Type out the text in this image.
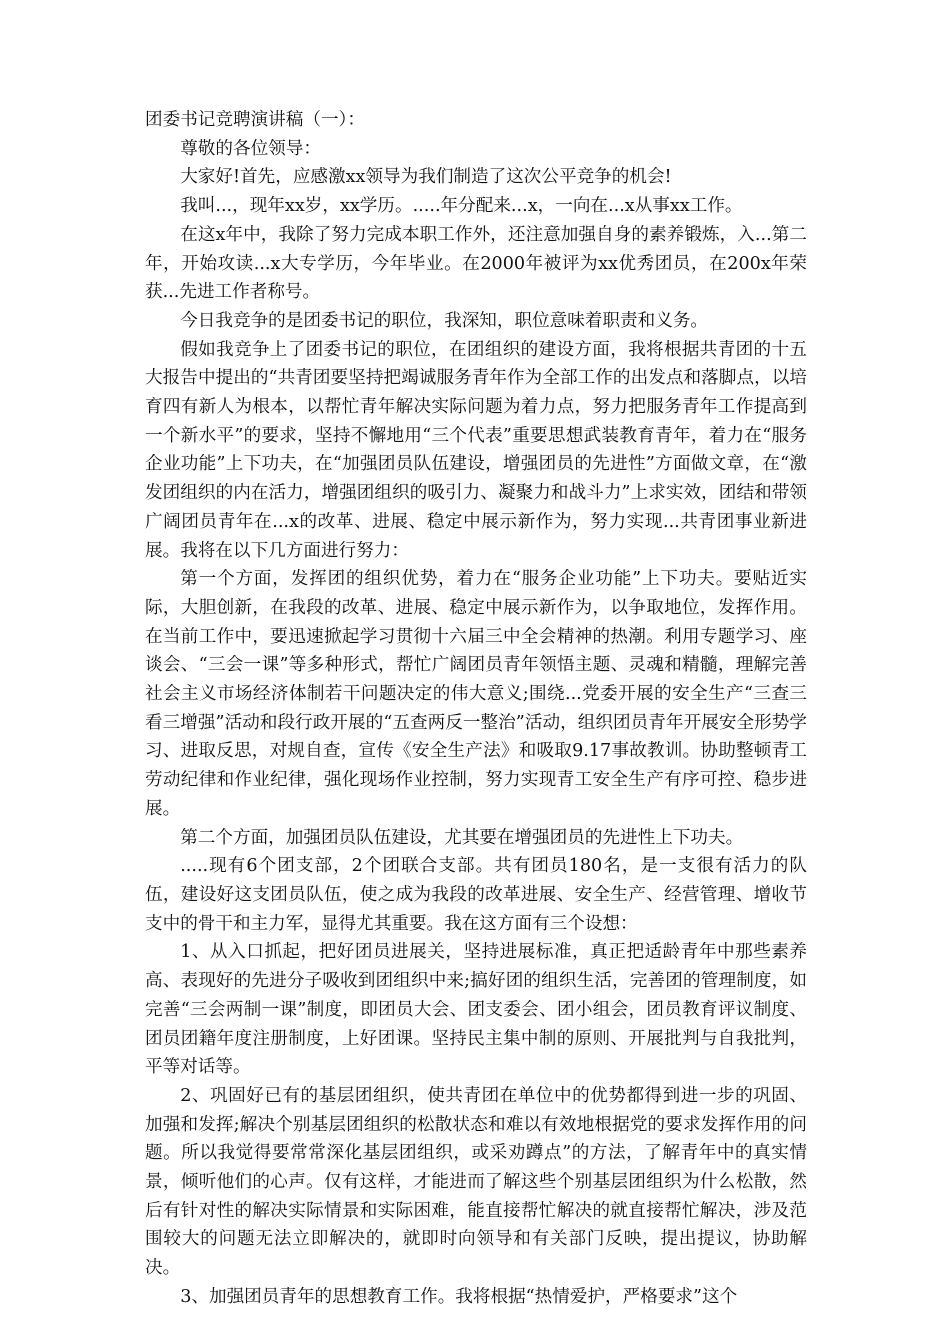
团委书记竞聘演讲稿（一）：

尊敬的各位领导：

大家好!首先，应感激xx领导为我们制造了这次公平竞争的机会!

我叫...，现年xx岁，xx学历。.....年分配来...x，一向在...x从事xx工作。

在这x年中，我除了努力完成本职工作外，还注意加强自身的素养锻炼，入...第二年，开始攻读...x大专学历，今年毕业。在2000年被评为xx优秀团员，在200x年荣获...先进工作者称号。

今日我竞争的是团委书记的职位，我深知，职位意味着职责和义务。

假如我竞争上了团委书记的职位，在团组织的建设方面，我将根据共青团的十五大报告中提出的“共青团要坚持把竭诚服务青年作为全部工作的出发点和落脚点，以培育四有新人为根本，以帮忙青年解决实际问题为着力点，努力把服务青年工作提高到一个新水平”的要求，坚持不懈地用“三个代表”重要思想武装教育青年，着力在“服务企业功能”上下功夫，在“加强团员队伍建设，增强团员的先进性”方面做文章，在“激发团组织的内在活力，增强团组织的吸引力、凝聚力和战斗力”上求实效，团结和带领广阔团员青年在...x的改革、进展、稳定中展示新作为，努力实现...共青团事业新进展。我将在以下几方面进行努力：

第一个方面，发挥团的组织优势，着力在“服务企业功能”上下功夫。要贴近实际，大胆创新，在我段的改革、进展、稳定中展示新作为，以争取地位，发挥作用。在当前工作中，要迅速掀起学习贯彻十六届三中全会精神的热潮。利用专题学习、座谈会、“三会一课”等多种形式，帮忙广阔团员青年领悟主题、灵魂和精髓，理解完善社会主义市场经济体制若干问题决定的伟大意义;围绕...党委开展的安全生产“三查三看三增强”活动和段行政开展的“五查两反一整治”活动，组织团员青年开展安全形势学习、进取反思，对规自查，宣传《安全生产法》和吸取9.17事故教训。协助整顿青工劳动纪律和作业纪律，强化现场作业控制，努力实现青工安全生产有序可控、稳步进展。

第二个方面，加强团员队伍建设，尤其要在增强团员的先进性上下功夫。

.....现有6个团支部，2个团联合支部。共有团员180名，是一支很有活力的队伍，建设好这支团员队伍，使之成为我段的改革进展、安全生产、经营管理、增收节支中的骨干和主力军，显得尤其重要。我在这方面有三个设想：

1、从入口抓起，把好团员进展关，坚持进展标准，真正把适龄青年中那些素养高、表现好的先进分子吸收到团组织中来;搞好团的组织生活，完善团的管理制度，如完善“三会两制一课”制度，即团员大会、团支委会、团小组会，团员教育评议制度、团员团籍年度注册制度，上好团课。坚持民主集中制的原则、开展批判与自我批判，平等对话等。

2、巩固好已有的基层团组织，使共青团在单位中的优势都得到进一步的巩固、加强和发挥;解决个别基层团组织的松散状态和难以有效地根据党的要求发挥作用的问题。所以我觉得要常常深化基层团组织，或采劝蹲点”的方法，了解青年中的真实情景，倾听他们的心声。仅有这样，才能进而了解这些个别基层团组织为什么松散，然后有针对性的解决实际情景和实际困难，能直接帮忙解决的就直接帮忙解决，涉及范围较大的问题无法立即解决的，就即时向领导和有关部门反映，提出提议，协助解决。

3、加强团员青年的思想教育工作。我将根据“热情爱护，严格要求”这个
